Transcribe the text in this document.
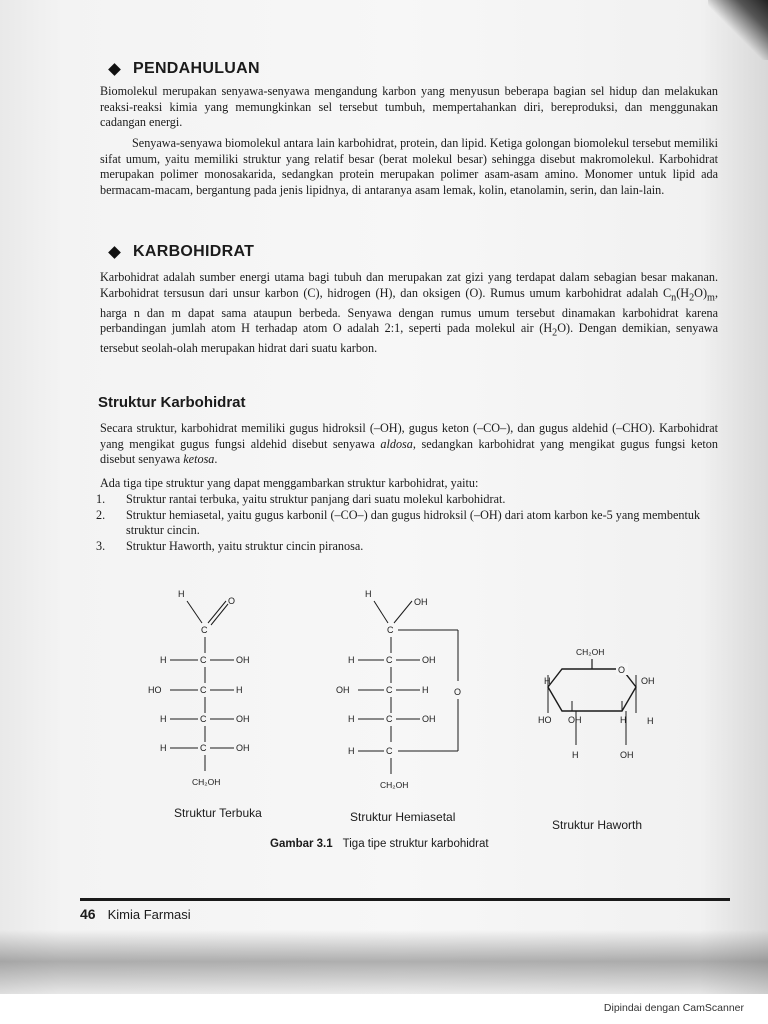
PENDAHULUAN

Biomolekul merupakan senyawa-senyawa mengandung karbon yang menyusun beberapa bagian sel hidup dan melakukan reaksi-reaksi kimia yang memungkinkan sel tersebut tumbuh, mempertahankan diri, bereproduksi, dan menggunakan cadangan energi.

Senyawa-senyawa biomolekul antara lain karbohidrat, protein, dan lipid. Ketiga golongan biomolekul tersebut memiliki sifat umum, yaitu memiliki struktur yang relatif besar (berat molekul besar) sehingga disebut makromolekul. Karbohidrat merupakan polimer monosakarida, sedangkan protein merupakan polimer asam-asam amino. Monomer untuk lipid ada bermacam-macam, bergantung pada jenis lipidnya, di antaranya asam lemak, kolin, etanolamin, serin, dan lain-lain.

KARBOHIDRAT

Karbohidrat adalah sumber energi utama bagi tubuh dan merupakan zat gizi yang terdapat dalam sebagian besar makanan. Karbohidrat tersusun dari unsur karbon (C), hidrogen (H), dan oksigen (O). Rumus umum karbohidrat adalah $C_n(H_2O)_m$, harga n dan m dapat sama ataupun berbeda. Senyawa dengan rumus umum tersebut dinamakan karbohidrat karena perbandingan jumlah atom H terhadap atom O adalah 2:1, seperti pada molekul air $(H_2O)$. Dengan demikian, senyawa tersebut seolah-olah merupakan hidrat dari suatu karbon.

Struktur Karbohidrat

Secara struktur, karbohidrat memiliki gugus hidroksil (–OH), gugus keton (–CO–), dan gugus aldehid (–CHO). Karbohidrat yang mengikat gugus fungsi aldehid disebut senyawa aldosa, sedangkan karbohidrat yang mengikat gugus fungsi keton disebut senyawa ketosa.

Ada tiga tipe struktur yang dapat menggambarkan struktur karbohidrat, yaitu:

1.	Struktur rantai terbuka, yaitu struktur panjang dari suatu molekul karbohidrat.
2.	Struktur hemiasetal, yaitu gugus karbonil (–CO–) dan gugus hidroksil (–OH) dari atom karbon ke-5 yang membentuk struktur cincin.
3.	Struktur Haworth, yaitu struktur cincin piranosa.
H
O
C
H	C	OH
HO	C	H
H	C	OH
H	C	OH
CH₂OH
H
OH
C
O
H	C	OH
OH	C	H
H	C	OH
H	C
CH₂OH
CH₂OH
O
OH
H
H
HO OH
H
H
OH
Struktur Terbuka	Struktur Hemiasetal
Struktur Haworth
Gambar 3.1 Tiga tipe struktur karbohidrat
46 Kimia Farmasi
Dipindai dengan CamScanner
